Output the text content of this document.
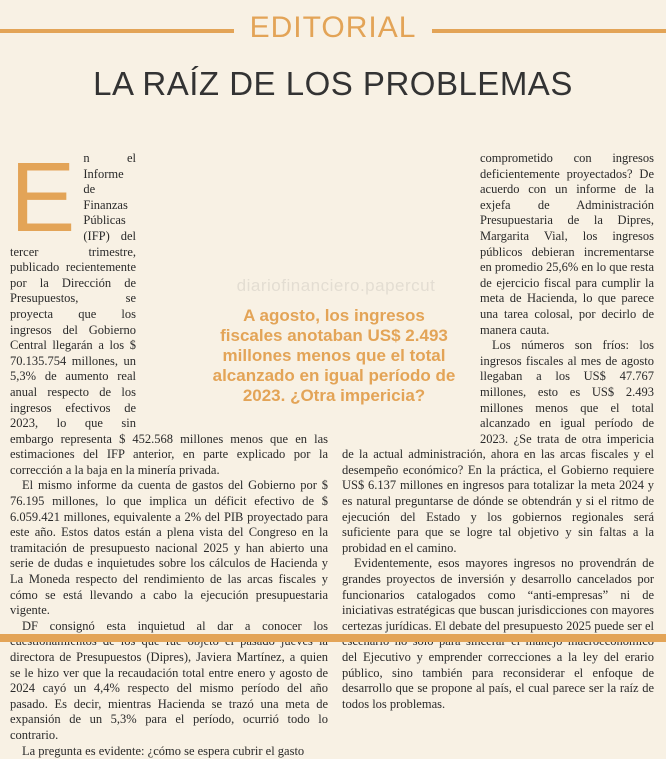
EDITORIAL
LA RAÍZ DE LOS PROBLEMAS
diariofinanciero.papercut
E n el Informe de Finanzas Públicas (IFP) del tercer trimestre, publicado recientemente por la Dirección de Presupuestos, se proyecta que los ingresos del Gobierno Central llegarán a los $ 70.135.754 millones, un 5,3% de aumento real anual respecto de los ingresos efectivos de 2023, lo que sin embargo representa $ 452.568 millones menos que en las estimaciones del IFP anterior, en parte explicado por la corrección a la baja en la minería privada.

El mismo informe da cuenta de gastos del Gobierno por $ 76.195 millones, lo que implica un déficit efectivo de $ 6.059.421 millones, equivalente a 2% del PIB proyectado para este año. Estos datos están a plena vista del Congreso en la tramitación de presupuesto nacional 2025 y han abierto una serie de dudas e inquietudes sobre los cálculos de Hacienda y La Moneda respecto del rendimiento de las arcas fiscales y cómo se está llevando a cabo la ejecución presupuestaria vigente.

DF consignó esta inquietud al dar a conocer los directora de Presupuestos (Dipres), Javiera Martínez, a quien se le hizo ver que la recaudación total entre enero y agosto de 2024 cayó un 4,4% respecto del mismo período del año pasado. Es decir, mientras Hacienda se trazó una meta de expansión de un 5,3% para el período, ocurrió todo lo contrario.

La pregunta es evidente: ¿cómo se espera cubrir el gasto

comprometido con ingresos deficientemente proyectados? De acuerdo con un informe de la exjefa de Administración Presupuestaria de la Dipres, Margarita Vial, los ingresos públicos debieran incrementarse en promedio 25,6% en lo que resta de ejercicio fiscal para cumplir la meta de Hacienda, lo que parece una tarea colosal, por decirlo de manera cauta.

Los números son fríos: los ingresos fiscales al mes de agosto llegaban a los US$ 47.767 millones, esto es US$ 2.493 millones menos que el total alcanzado en igual período de 2023. ¿Se trata de otra impericia de la actual administración, ahora en las arcas fiscales y el desempeño económico? En la práctica, el Gobierno requiere US$ 6.137 millones en ingresos para totalizar la meta 2024 y es natural preguntarse de dónde se obtendrán y si el ritmo de ejecución del Estado y los gobiernos regionales será suficiente para que se logre tal objetivo y sin faltas a la probidad en el camino.

Evidentemente, esos mayores ingresos no provendrán de grandes proyectos de inversión y desarrollo cancelados por funcionarios catalogados como “anti-empresas” ni de iniciativas estratégicas que buscan jurisdicciones con mayores certezas jurídicas. El debate del presupuesto 2025 puede ser el del Ejecutivo y emprender correcciones a la ley del erario público, sino también para reconsiderar el enfoque de desarrollo que se propone al país, el cual parece ser la raíz de todos los problemas.

A agosto, los ingresos fiscales anotaban US$ 2.493 millones menos que el total alcanzado en igual período de 2023. ¿Otra impericia?
